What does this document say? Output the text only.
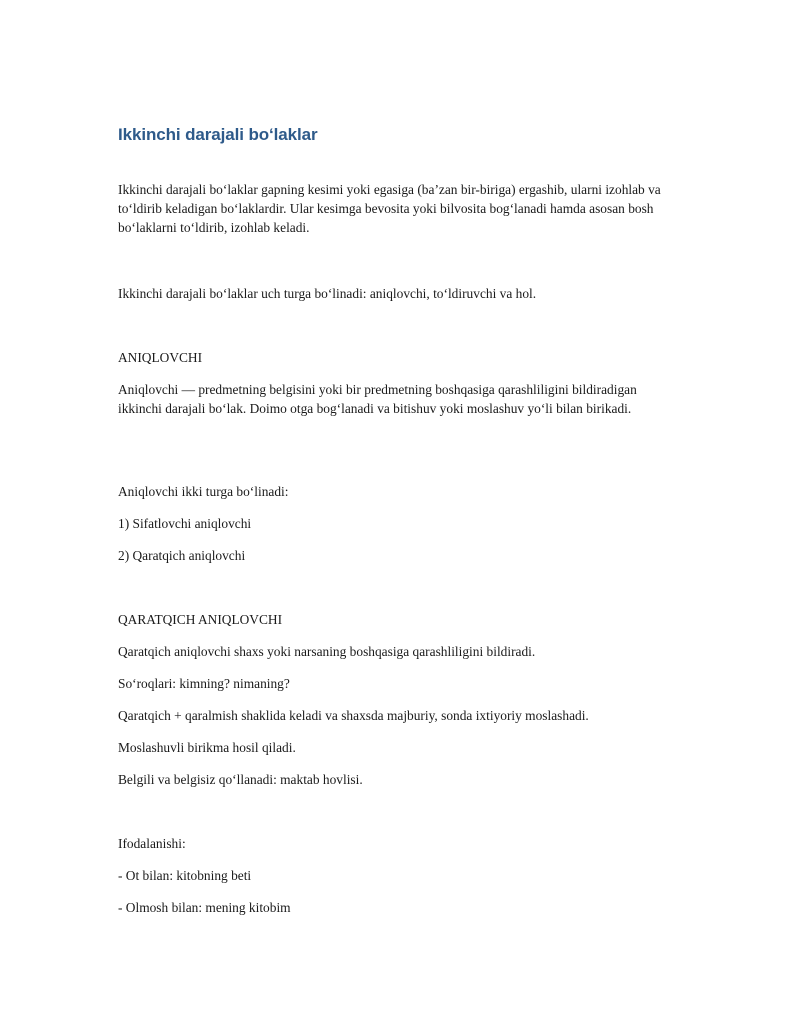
Ikkinchi darajali bo‘laklar

Ikkinchi darajali bo‘laklar gapning kesimi yoki egasiga (ba’zan bir-biriga) ergashib, ularni izohlab va to‘ldirib keladigan bo‘laklardir. Ular kesimga bevosita yoki bilvosita bog‘lanadi hamda asosan bosh bo‘laklarni to‘ldirib, izohlab keladi.

Ikkinchi darajali bo‘laklar uch turga bo‘linadi: aniqlovchi, to‘ldiruvchi va hol.

ANIQLOVCHI

Aniqlovchi — predmetning belgisini yoki bir predmetning boshqasiga qarashliligini bildiradigan ikkinchi darajali bo‘lak. Doimo otga bog‘lanadi va bitishuv yoki moslashuv yo‘li bilan birikadi.

Aniqlovchi ikki turga bo‘linadi:

1) Sifatlovchi aniqlovchi

2) Qaratqich aniqlovchi

QARATQICH ANIQLOVCHI

Qaratqich aniqlovchi shaxs yoki narsaning boshqasiga qarashliligini bildiradi.

So‘roqlari: kimning? nimaning?

Qaratqich + qaralmish shaklida keladi va shaxsda majburiy, sonda ixtiyoriy moslashadi.

Moslashuvli birikma hosil qiladi.

Belgili va belgisiz qo‘llanadi: maktab hovlisi.

Ifodalanishi:

- Ot bilan: kitobning beti

- Olmosh bilan: mening kitobim
